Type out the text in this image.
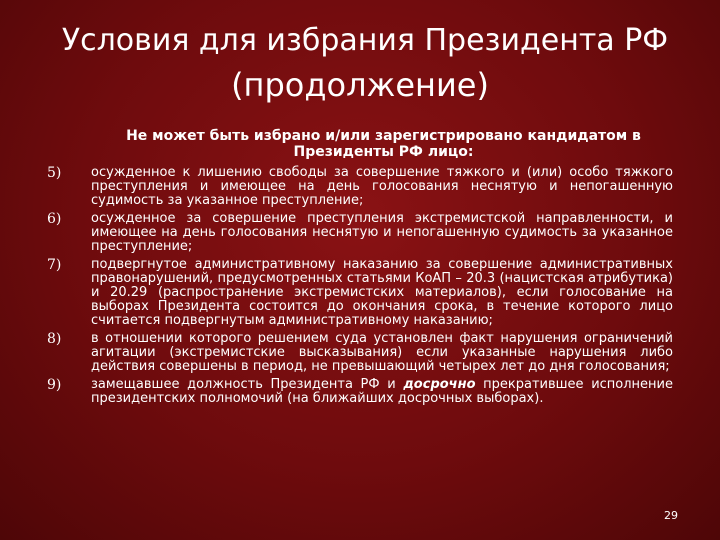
Условия для избрания Президента РФ
(продолжение)
Не может быть избрано и/или зарегистрировано кандидатом в Президенты РФ лицо:
5) осужденное к лишению свободы за совершение тяжкого и (или) особо тяжкого преступления и имеющее на день голосования неснятую и непогашенную судимость за указанное преступление;
6) осужденное за совершение преступления экстремистской направленности, и имеющее на день голосования неснятую и непогашенную судимость за указанное преступление;
7) подвергнутое административному наказанию за совершение административных правонарушений, предусмотренных статьями КоАП – 20.3 (нацистская атрибутика) и 20.29 (распространение экстремистских материалов), если голосование на выборах Президента состоится до окончания срока, в течение которого лицо считается подвергнутым административному наказанию;
8) в отношении которого решением суда установлен факт нарушения ограничений агитации (экстремистские высказывания) если указанные нарушения либо действия совершены в период, не превышающий четырех лет до дня голосования;
9) замещавшее должность Президента РФ и досрочно прекратившее исполнение президентских полномочий (на ближайших досрочных выборах).
29
